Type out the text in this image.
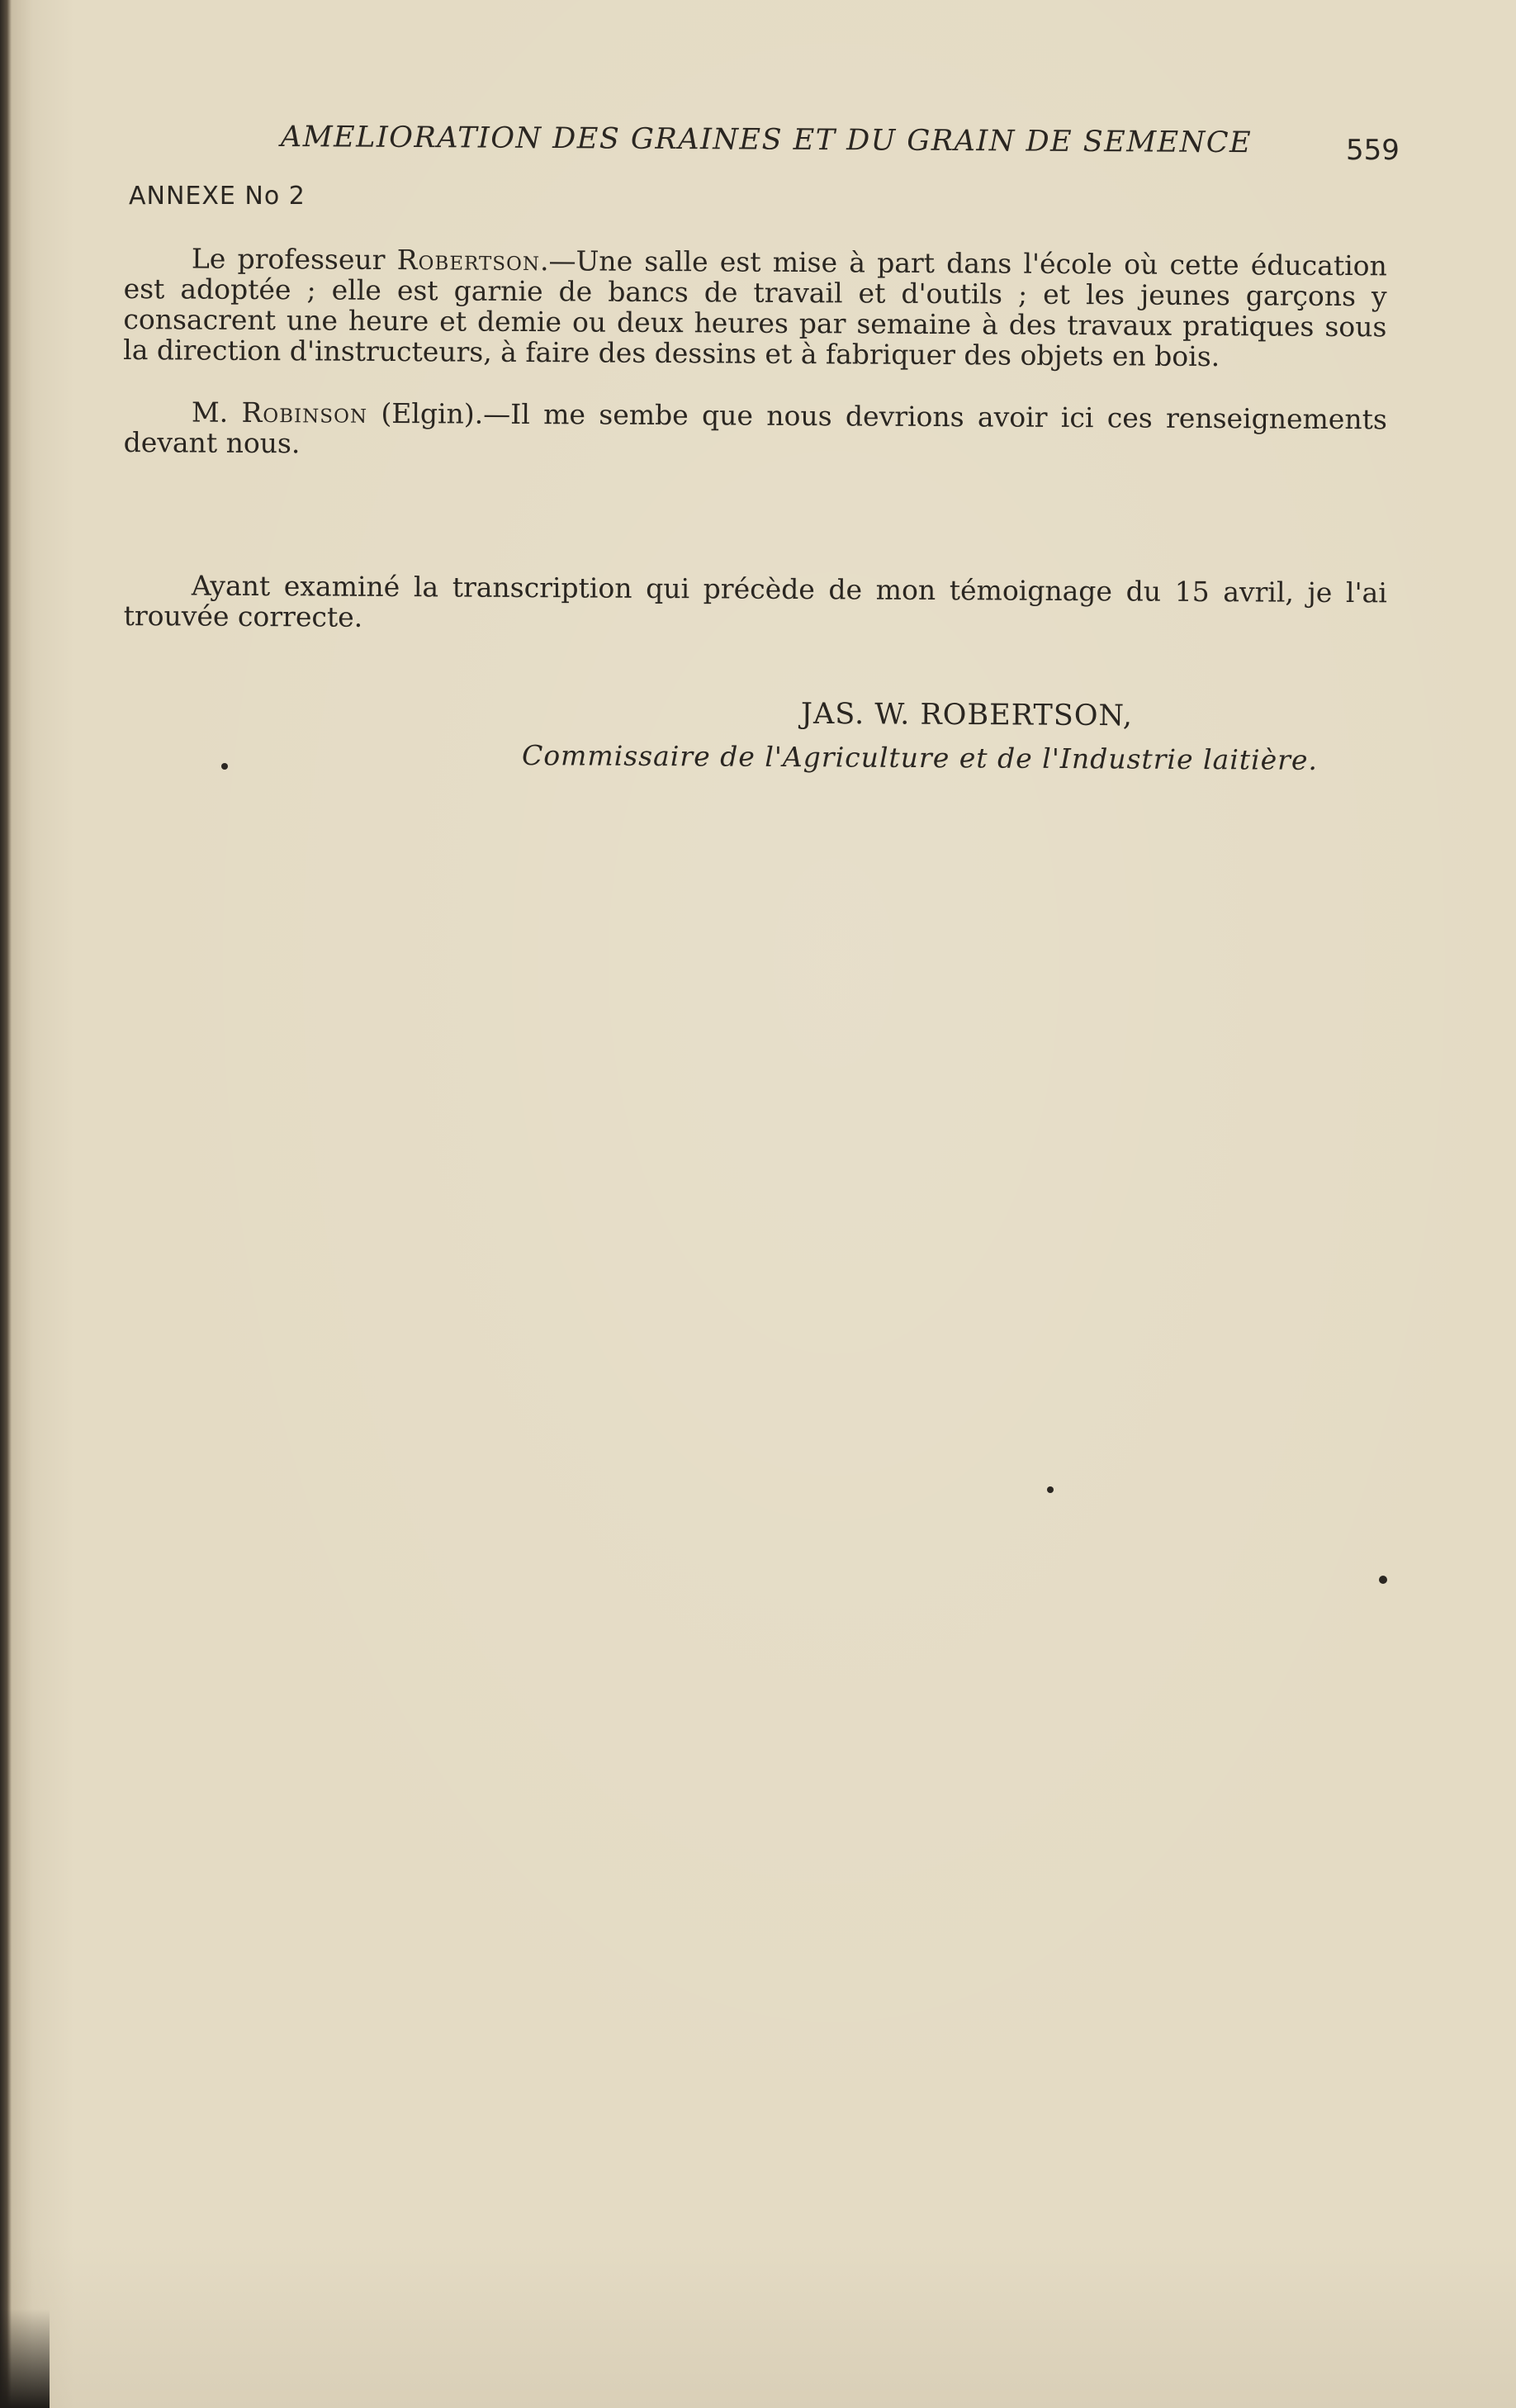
AMELIORATION DES GRAINES ET DU GRAIN DE SEMENCE	559
ANNEXE No 2

Le professeur Robertson.—Une salle est mise à part dans l'école où cette éducation est adoptée ; elle est garnie de bancs de travail et d'outils ; et les jeunes garçons y consacrent une heure et demie ou deux heures par semaine à des travaux pratiques sous la direction d'instructeurs, à faire des dessins et à fabriquer des objets en bois.

M. Robinson (Elgin).—Il me sembe que nous devrions avoir ici ces renseignements devant nous.

Ayant examiné la transcription qui précède de mon témoignage du 15 avril, je l'ai trouvée correcte.

JAS. W. ROBERTSON,
Commissaire de l'Agriculture et de l'Industrie laitière.
